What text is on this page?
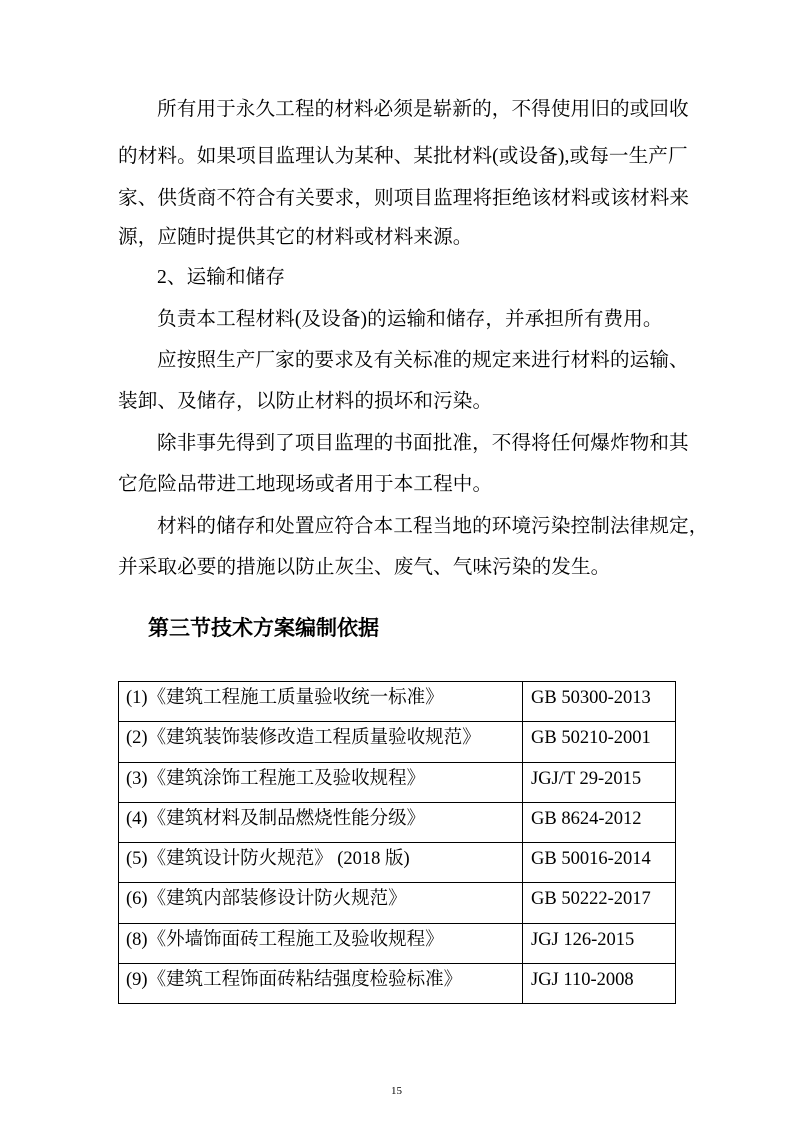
所有用于永久工程的材料必须是崭新的，不得使用旧的或回收
的材料。如果项目监理认为某种、某批材料(或设备),或每一生产厂
家、供货商不符合有关要求，则项目监理将拒绝该材料或该材料来
源，应随时提供其它的材料或材料来源。
2、运输和储存
负责本工程材料(及设备)的运输和储存，并承担所有费用。
应按照生产厂家的要求及有关标准的规定来进行材料的运输、
装卸、及储存，以防止材料的损坏和污染。
除非事先得到了项目监理的书面批准，不得将任何爆炸物和其
它危险品带进工地现场或者用于本工程中。
材料的储存和处置应符合本工程当地的环境污染控制法律规定，
并采取必要的措施以防止灰尘、废气、气味污染的发生。
第三节技术方案编制依据
(1)《建筑工程施工质量验收统一标准》	GB 50300-2013
(2)《建筑装饰装修改造工程质量验收规范》	GB 50210-2001
(3)《建筑涂饰工程施工及验收规程》	JGJ/T 29-2015
(4)《建筑材料及制品燃烧性能分级》	GB 8624-2012
(5)《建筑设计防火规范》 (2018 版)	GB 50016-2014
(6)《建筑内部装修设计防火规范》	GB 50222-2017
(8)《外墙饰面砖工程施工及验收规程》	JGJ 126-2015
(9)《建筑工程饰面砖粘结强度检验标准》	JGJ 110-2008
15
